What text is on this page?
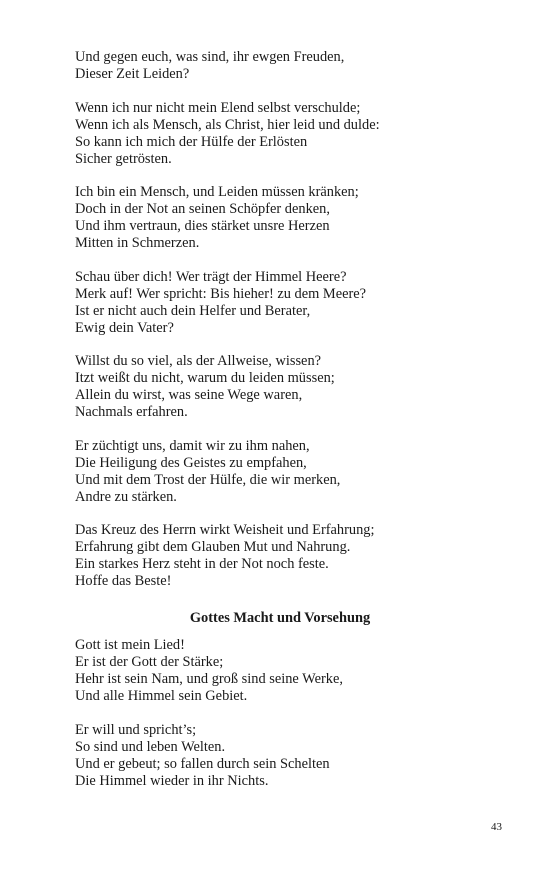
Und gegen euch, was sind, ihr ewgen Freuden,
Dieser Zeit Leiden?
Wenn ich nur nicht mein Elend selbst verschulde;
Wenn ich als Mensch, als Christ, hier leid und dulde:
So kann ich mich der Hülfe der Erlösten
Sicher getrösten.
Ich bin ein Mensch, und Leiden müssen kränken;
Doch in der Not an seinen Schöpfer denken,
Und ihm vertraun, dies stärket unsre Herzen
Mitten in Schmerzen.
Schau über dich! Wer trägt der Himmel Heere?
Merk auf! Wer spricht: Bis hieher! zu dem Meere?
Ist er nicht auch dein Helfer und Berater,
Ewig dein Vater?
Willst du so viel, als der Allweise, wissen?
Itzt weißt du nicht, warum du leiden müssen;
Allein du wirst, was seine Wege waren,
Nachmals erfahren.
Er züchtigt uns, damit wir zu ihm nahen,
Die Heiligung des Geistes zu empfahen,
Und mit dem Trost der Hülfe, die wir merken,
Andre zu stärken.
Das Kreuz des Herrn wirkt Weisheit und Erfahrung;
Erfahrung gibt dem Glauben Mut und Nahrung.
Ein starkes Herz steht in der Not noch feste.
Hoffe das Beste!
Gottes Macht und Vorsehung
Gott ist mein Lied!
Er ist der Gott der Stärke;
Hehr ist sein Nam, und groß sind seine Werke,
Und alle Himmel sein Gebiet.
Er will und spricht’s;
So sind und leben Welten.
Und er gebeut; so fallen durch sein Schelten
Die Himmel wieder in ihr Nichts.
43
